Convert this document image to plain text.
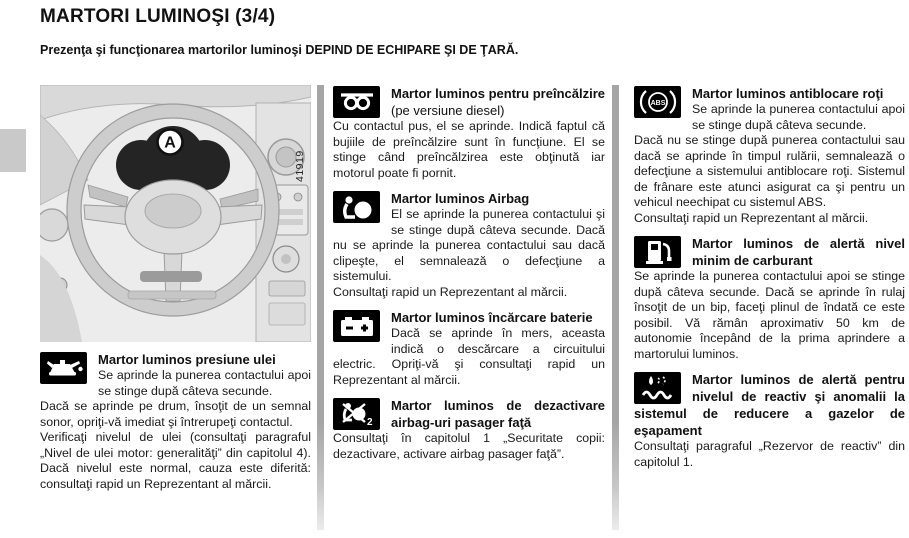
MARTORI LUMINOŞI (3/4)

Prezenţa şi funcţionarea martorilor luminoşi DEPIND DE ECHIPARE ŞI DE ŢARĂ.

A
41919
Martor luminos presiune ulei

Se aprinde la punerea contactului apoi se stinge după câteva secunde.

Dacă se aprinde pe drum, însoţit de un semnal sonor, opriţi-vă imediat şi întrerupeţi contactul.

Verificaţi nivelul de ulei (consultaţi paragraful „Nivel de ulei motor: generalităţi” din capitolul 4). Dacă nivelul este normal, cauza este diferită: consultaţi rapid un Reprezentant al mărcii.

Martor luminos pentru preîncălzire (pe versiune diesel)

Cu contactul pus, el se aprinde. Indică faptul că bujiile de preîncălzire sunt în funcţiune. El se stinge când preîncălzirea este obţinută iar motorul poate fi pornit.

Martor luminos Airbag

El se aprinde la punerea contactului şi se stinge după câteva secunde. Dacă nu se aprinde la punerea contactului sau dacă clipeşte, el semnalează o defecţiune a sistemului.

Consultaţi rapid un Reprezentant al mărcii.

Martor luminos încărcare baterie

Dacă se aprinde în mers, aceasta indică o descărcare a circuitului electric. Opriţi-vă şi consultaţi rapid un Reprezentant al mărcii.

2
Martor luminos de dezactivare airbag-uri pasager faţă

Consultaţi în capitolul 1 „Securitate copii: dezactivare, activare airbag pasager faţă”.

ABS
Martor luminos antiblocare roţi

Se aprinde la punerea contactului apoi se stinge după câteva secunde.

Dacă nu se stinge după punerea contactului sau dacă se aprinde în timpul rulării, semnalează o defecţiune a sistemului antiblocare roţi. Sistemul de frânare este atunci asigurat ca şi pentru un vehicul neechipat cu sistemul ABS.

Consultaţi rapid un Reprezentant al mărcii.

Martor luminos de alertă nivel minim de carburant

Se aprinde la punerea contactului apoi se stinge după câteva secunde. Dacă se aprinde în rulaj însoţit de un bip, faceţi plinul de îndată ce este posibil. Vă rămân aproximativ 50 km de autonomie începând de la prima aprindere a martorului luminos.

Martor luminos de alertă pentru nivelul de reactiv şi anomalii la sistemul de reducere a gazelor de eşapament

Consultaţi paragraful „Rezervor de reactiv” din capitolul 1.
